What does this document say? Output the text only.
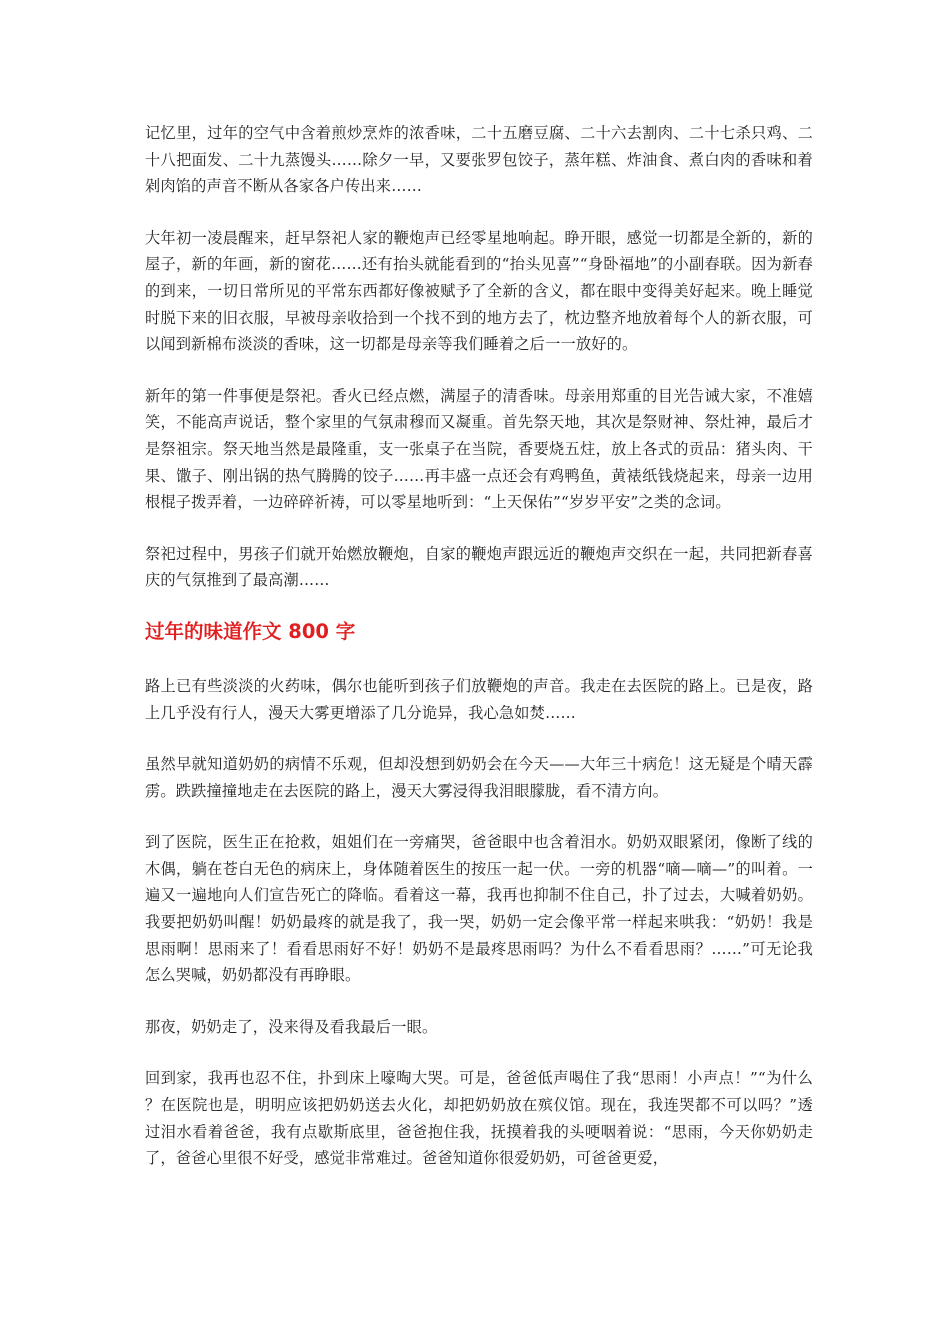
记忆里，过年的空气中含着煎炒烹炸的浓香味，二十五磨豆腐、二十六去割肉、二十七杀只鸡、二十八把面发、二十九蒸馒头……除夕一早，又要张罗包饺子，蒸年糕、炸油食、煮白肉的香味和着剁肉馅的声音不断从各家各户传出来……

大年初一凌晨醒来，赶早祭祀人家的鞭炮声已经零星地响起。睁开眼，感觉一切都是全新的，新的屋子，新的年画，新的窗花……还有抬头就能看到的“抬头见喜”“身卧福地”的小副春联。因为新春的到来，一切日常所见的平常东西都好像被赋予了全新的含义，都在眼中变得美好起来。晚上睡觉时脱下来的旧衣服，早被母亲收拾到一个找不到的地方去了，枕边整齐地放着每个人的新衣服，可以闻到新棉布淡淡的香味，这一切都是母亲等我们睡着之后一一放好的。

新年的第一件事便是祭祀。香火已经点燃，满屋子的清香味。母亲用郑重的目光告诫大家，不准嬉笑，不能高声说话，整个家里的气氛肃穆而又凝重。首先祭天地，其次是祭财神、祭灶神，最后才是祭祖宗。祭天地当然是最隆重，支一张桌子在当院，香要烧五炷，放上各式的贡品：猪头肉、干果、馓子、刚出锅的热气腾腾的饺子……再丰盛一点还会有鸡鸭鱼，黄裱纸钱烧起来，母亲一边用根棍子拨弄着，一边碎碎祈祷，可以零星地听到：“上天保佑”“岁岁平安”之类的念词。

祭祀过程中，男孩子们就开始燃放鞭炮，自家的鞭炮声跟远近的鞭炮声交织在一起，共同把新春喜庆的气氛推到了最高潮……

过年的味道作文 800 字

路上已有些淡淡的火药味，偶尔也能听到孩子们放鞭炮的声音。我走在去医院的路上。已是夜，路上几乎没有行人，漫天大雾更增添了几分诡异，我心急如焚……

虽然早就知道奶奶的病情不乐观，但却没想到奶奶会在今天——大年三十病危！这无疑是个晴天霹雳。跌跌撞撞地走在去医院的路上，漫天大雾浸得我泪眼朦胧，看不清方向。

到了医院，医生正在抢救，姐姐们在一旁痛哭，爸爸眼中也含着泪水。奶奶双眼紧闭，像断了线的木偶，躺在苍白无色的病床上，身体随着医生的按压一起一伏。一旁的机器“嘀—嘀—”的叫着。一遍又一遍地向人们宣告死亡的降临。看着这一幕，我再也抑制不住自己，扑了过去，大喊着奶奶。我要把奶奶叫醒！奶奶最疼的就是我了，我一哭，奶奶一定会像平常一样起来哄我：“奶奶！我是思雨啊！思雨来了！看看思雨好不好！奶奶不是最疼思雨吗？为什么不看看思雨？……”可无论我怎么哭喊，奶奶都没有再睁眼。

那夜，奶奶走了，没来得及看我最后一眼。

回到家，我再也忍不住，扑到床上嚎啕大哭。可是，爸爸低声喝住了我“思雨！小声点！”“为什么？在医院也是，明明应该把奶奶送去火化，却把奶奶放在殡仪馆。现在，我连哭都不可以吗？”透过泪水看着爸爸，我有点歇斯底里，爸爸抱住我，抚摸着我的头哽咽着说：“思雨，今天你奶奶走了，爸爸心里很不好受，感觉非常难过。爸爸知道你很爱奶奶，可爸爸更爱，
